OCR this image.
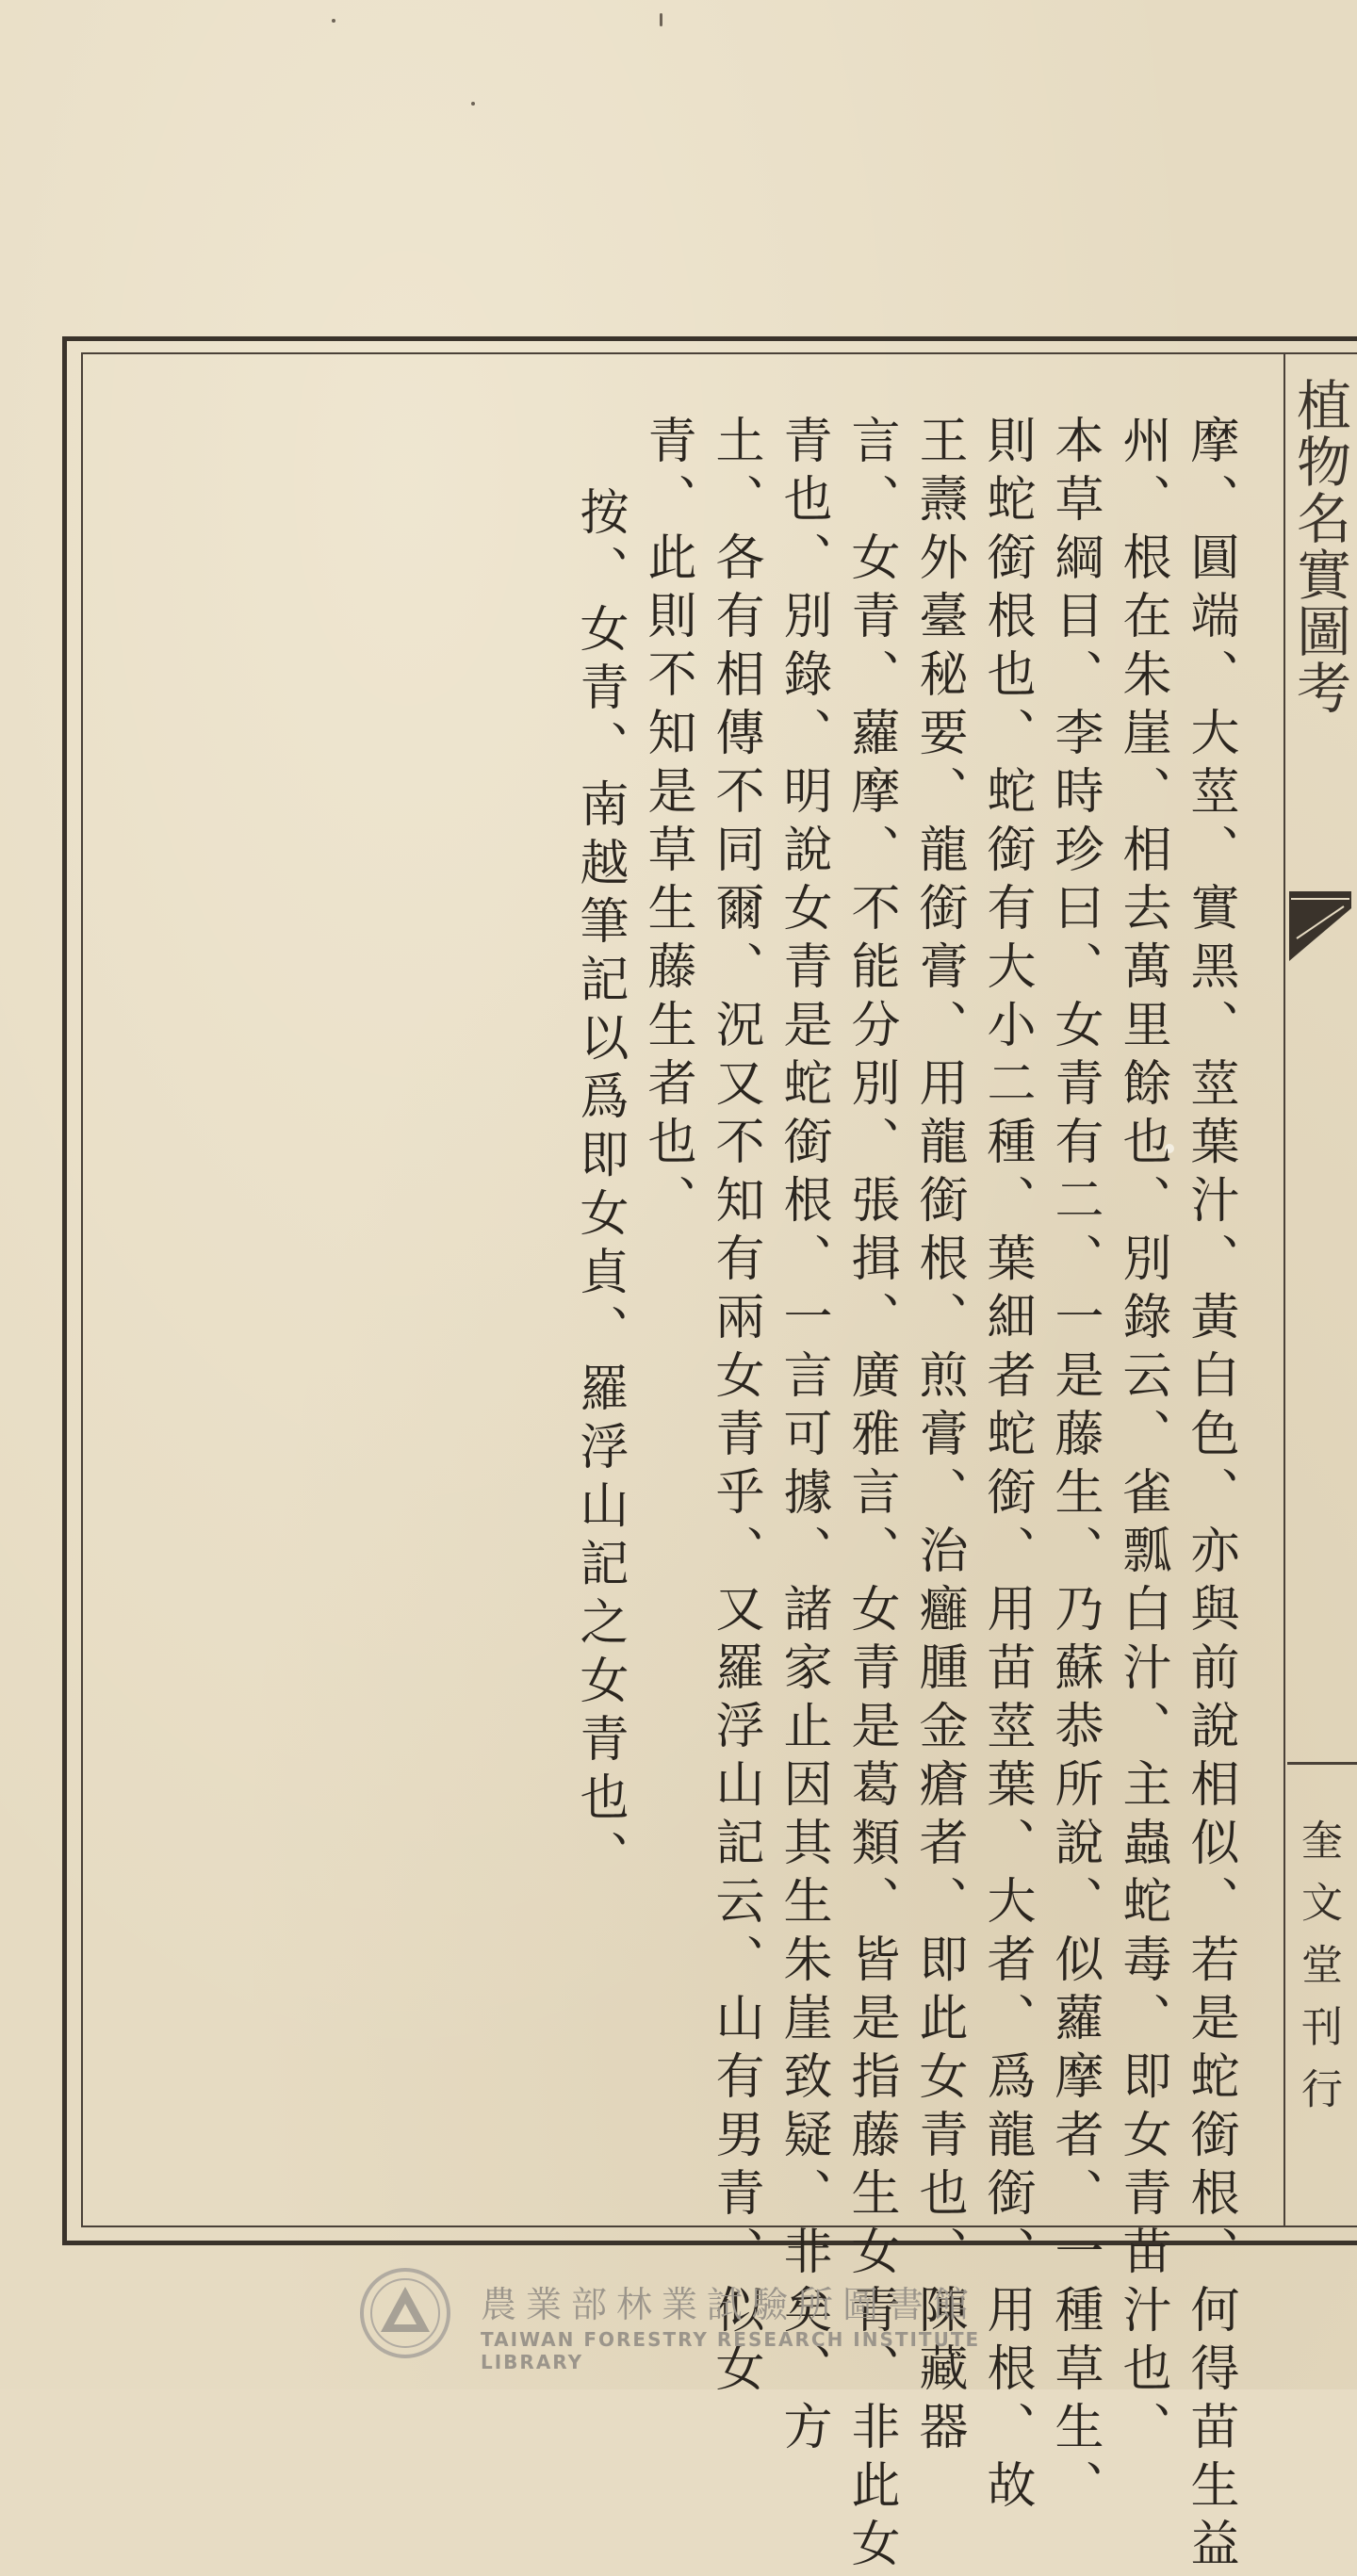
植物名實圖考
奎文堂刊行
摩、圓端、大莖、實黑、莖葉汁、黃白色、亦與前說相似、若是蛇銜根、何得苗生益
州、根在朱崖、相去萬里餘也、別錄云、雀瓢白汁、主蟲蛇毒、即女青苗汁也、
本草綱目、李時珍曰、女青有二、一是藤生、乃蘇恭所說、似蘿摩者、一種草生、
則蛇銜根也、蛇銜有大小二種、葉細者蛇銜、用苗莖葉、大者、爲龍銜、用根、故
王燾外臺秘要、龍銜膏、用龍銜根、煎膏、治癰腫金瘡者、即此女青也、陳藏器
言、女青、蘿摩、不能分別、張揖、廣雅言、女青是葛類、皆是指藤生女青、非此女
青也、別錄、明說女青是蛇銜根、一言可據、諸家止因其生朱崖致疑、非矣、方
土、各有相傳不同爾、況又不知有兩女青乎、又羅浮山記云、山有男青、似女
青、此則不知是草生藤生者也、
按、女青、南越筆記以爲即女貞、羅浮山記之女青也、
農業部林業試驗所圖書館
TAIWAN FORESTRY RESEARCH INSTITUTE LIBRARY
